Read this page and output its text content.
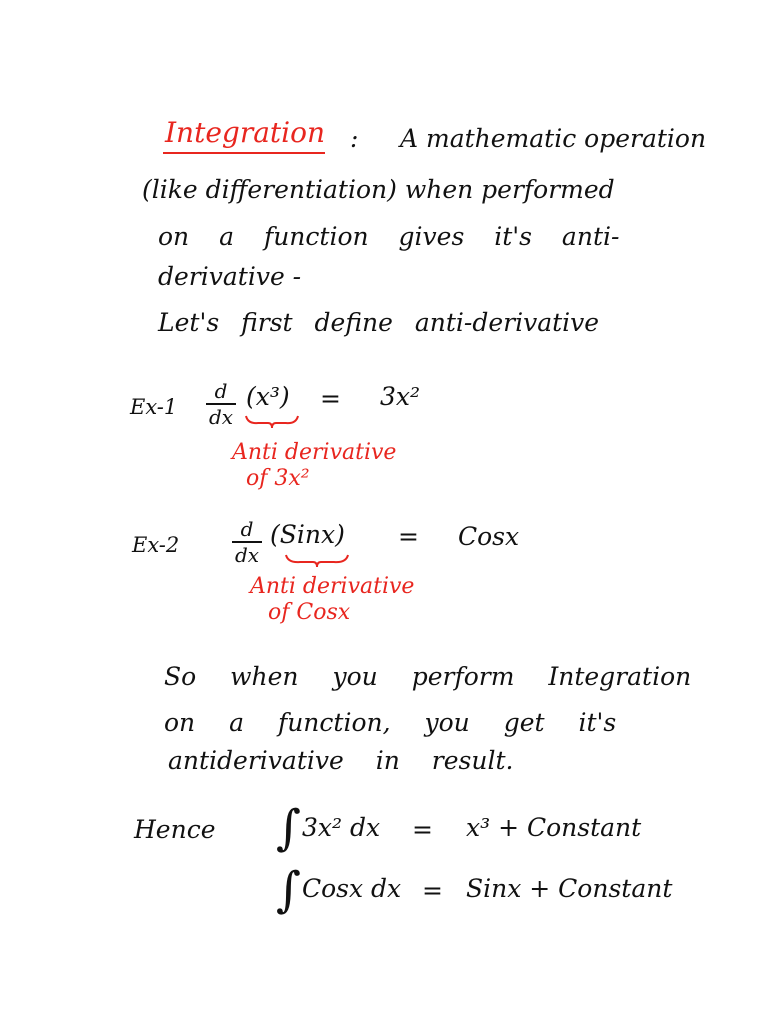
Integration : A mathematic operation
(like differentiation) when performed
on a function gives it's anti-
derivative -
Let's first define anti-derivative
Ex-1
d
dx
(x³) = 3x²
Anti derivative
of 3x²
Ex-2
d
dx
(Sinx) = Cosx
Anti derivative
of Cosx
So when you perform Integration
on a function, you get it's
antiderivative in result.
Hence ∫ 3x² dx = x³ + Constant
∫ Cosx dx = Sinx + Constant
